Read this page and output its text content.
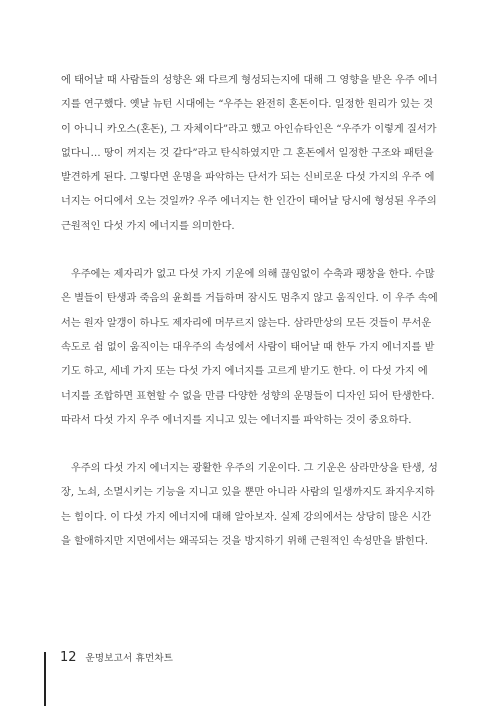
에 태어날 때 사람들의 성향은 왜 다르게 형성되는지에 대해 그 영향을 받은 우주 에너
지를 연구했다. 옛날 뉴턴 시대에는 “우주는 완전히 혼돈이다. 일정한 원리가 있는 것
이 아니니 카오스(혼돈), 그 자체이다”라고 했고 아인슈타인은 “우주가 이렇게 질서가
없다니… 땅이 꺼지는 것 같다”라고 탄식하였지만 그 혼돈에서 일정한 구조와 패턴을
발견하게 된다. 그렇다면 운명을 파악하는 단서가 되는 신비로운 다섯 가지의 우주 에
너지는 어디에서 오는 것일까? 우주 에너지는 한 인간이 태어날 당시에 형성된 우주의
근원적인 다섯 가지 에너지를 의미한다.

우주에는 제자리가 없고 다섯 가지 기운에 의해 끊임없이 수축과 팽창을 한다. 수많
은 별들이 탄생과 죽음의 윤회를 거듭하며 잠시도 멈추지 않고 움직인다. 이 우주 속에
서는 원자 알갱이 하나도 제자리에 머무르지 않는다. 삼라만상의 모든 것들이 무서운
속도로 쉼 없이 움직이는 대우주의 속성에서 사람이 태어날 때 한두 가지 에너지를 받
기도 하고, 세네 가지 또는 다섯 가지 에너지를 고르게 받기도 한다. 이 다섯 가지 에
너지를 조합하면 표현할 수 없을 만큼 다양한 성향의 운명들이 디자인 되어 탄생한다.
따라서 다섯 가지 우주 에너지를 지니고 있는 에너지를 파악하는 것이 중요하다.

우주의 다섯 가지 에너지는 광활한 우주의 기운이다. 그 기운은 삼라만상을 탄생, 성
장, 노쇠, 소멸시키는 기능을 지니고 있을 뿐만 아니라 사람의 일생까지도 좌지우지하
는 힘이다. 이 다섯 가지 에너지에 대해 알아보자. 실제 강의에서는 상당히 많은 시간
을 할애하지만 지면에서는 왜곡되는 것을 방지하기 위해 근원적인 속성만을 밝힌다.

12 운명보고서 휴먼차트
